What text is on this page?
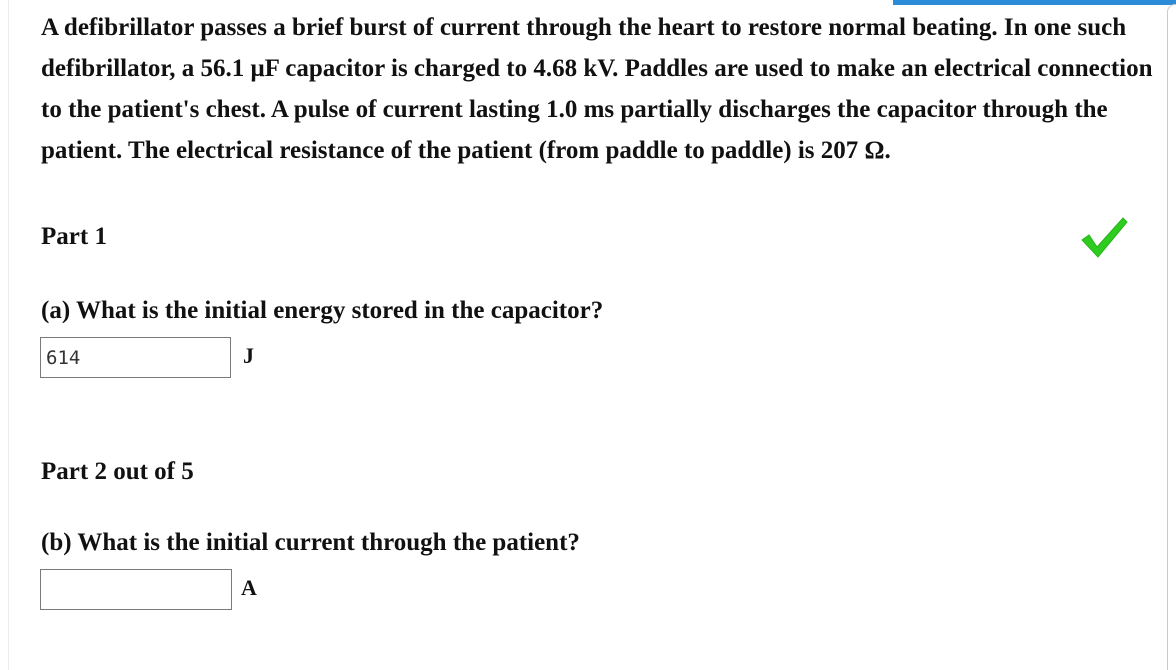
A defibrillator passes a brief burst of current through the heart to restore normal beating. In one such defibrillator, a 56.1 μF capacitor is charged to 4.68 kV. Paddles are used to make an electrical connection to the patient's chest. A pulse of current lasting 1.0 ms partially discharges the capacitor through the patient. The electrical resistance of the patient (from paddle to paddle) is 207 Ω.

Part 1

(a) What is the initial energy stored in the capacitor?

614
J

Part 2 out of 5

(b) What is the initial current through the patient?

A
